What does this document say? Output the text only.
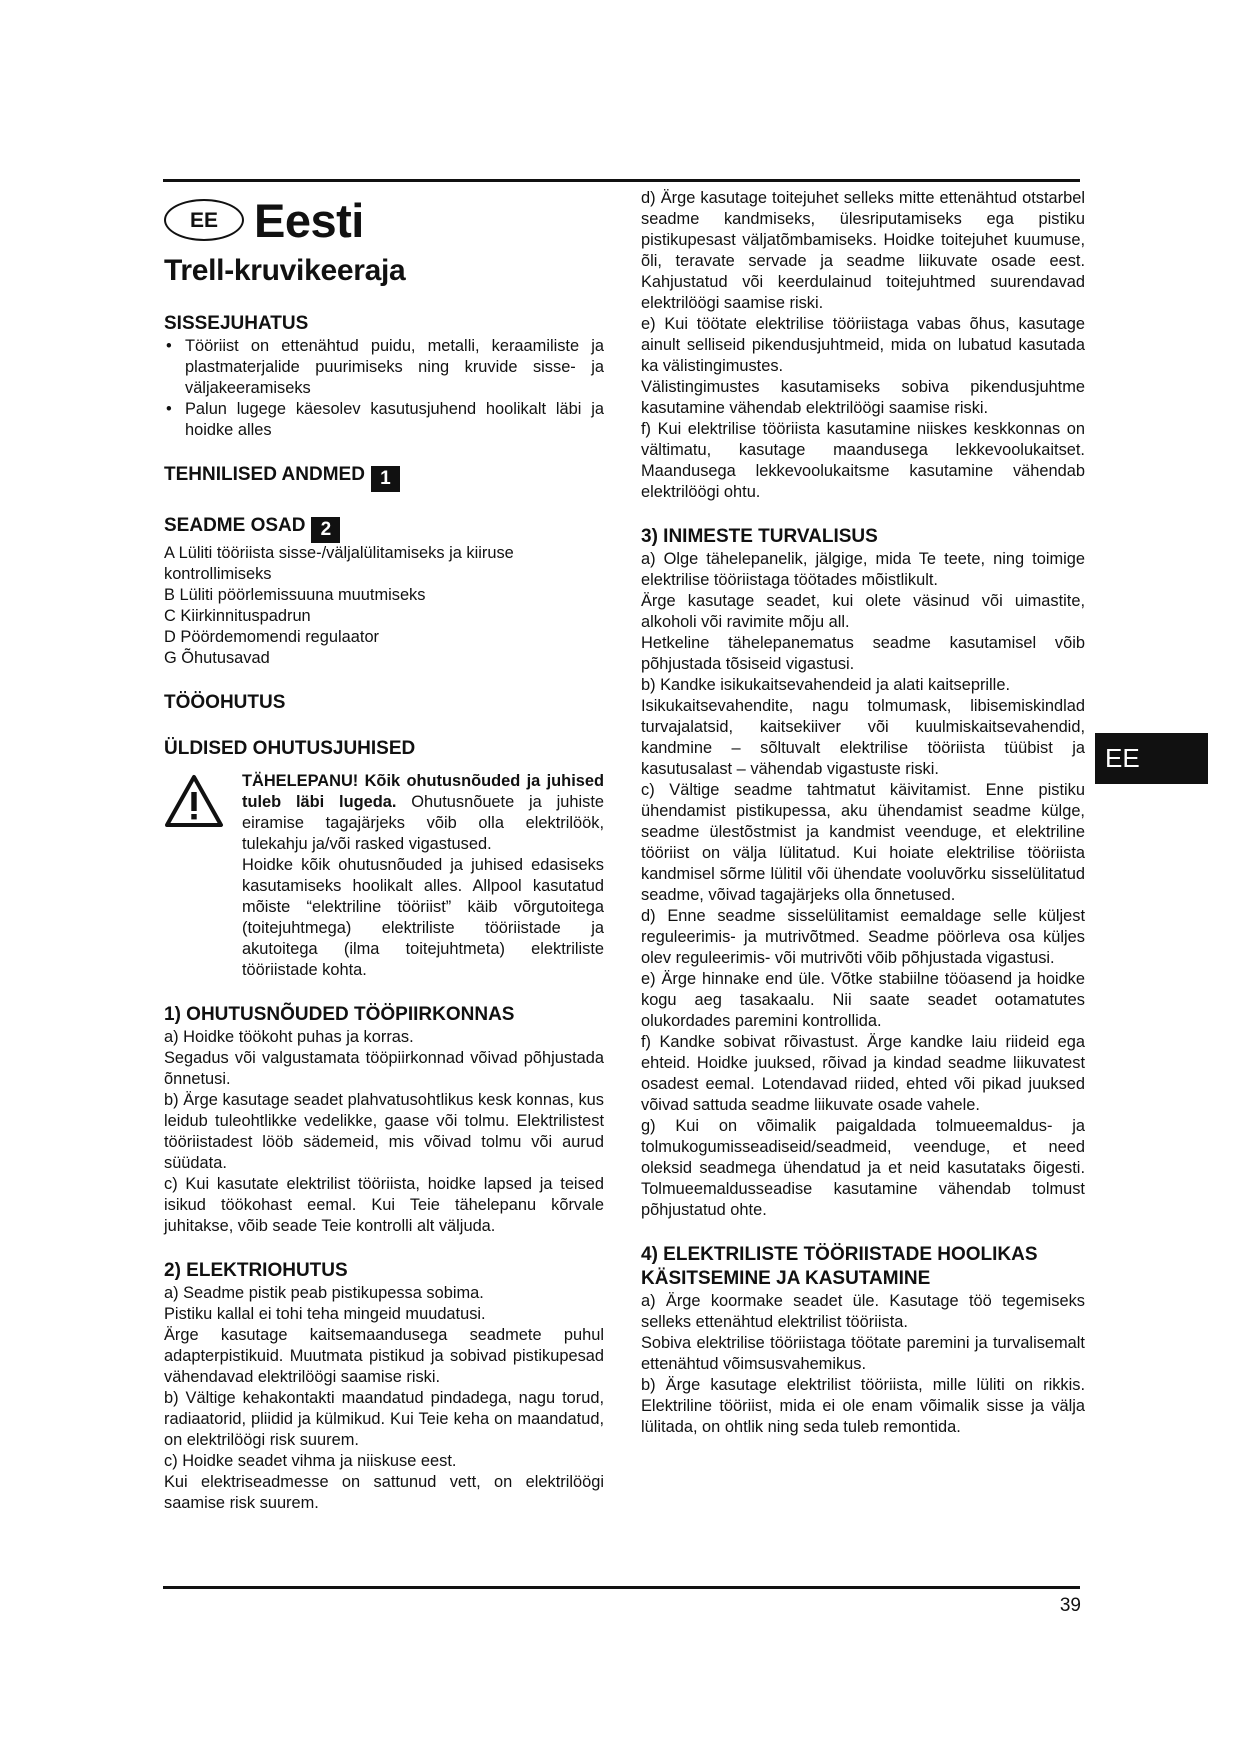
EE Eesti
Trell-kruvikeeraja
SISSEJUHATUS
• Tööriist on ettenähtud puidu, metalli, keraamiliste ja plastmaterjalide puurimiseks ning kruvide sisse- ja väljakeeramiseks
• Palun lugege käesolev kasutusjuhend hoolikalt läbi ja hoidke alles
TEHNILISED ANDMED 1
SEADME OSAD 2

A Lüliti tööriista sisse-/väljalülitamiseks ja kiiruse kontrollimiseks

B Lüliti pöörlemissuuna muutmiseks

C Kiirkinnituspadrun

D Pöördemomendi regulaator

G Õhutusavad

TÖÖOHUTUS
ÜLDISED OHUTUSJUHISED

TÄHELEPANU! Kõik ohutusnõuded ja juhised tuleb läbi lugeda. Ohutusnõuete ja juhiste eiramise tagajärjeks võib olla elektrilöök, tulekahju ja/või rasked vigastused.

Hoidke kõik ohutusnõuded ja juhised edasiseks kasutamiseks hoolikalt alles. Allpool kasutatud mõiste “elektriline tööriist” käib võrgutoitega (toitejuhtmega) elektriliste tööriistade ja akutoitega (ilma toitejuhtmeta) elektriliste tööriistade kohta.

1) OHUTUSNÕUDED TÖÖPIIRKONNAS

a) Hoidke töökoht puhas ja korras.

Segadus või valgustamata tööpiirkonnad võivad põhjustada õnnetusi.

b) Ärge kasutage seadet plahvatusohtlikus kesk konnas, kus leidub tuleohtlikke vedelikke, gaase või tolmu. Elektrilistest tööriistadest lööb sädemeid, mis võivad tolmu või aurud süüdata.

c) Kui kasutate elektrilist tööriista, hoidke lapsed ja teised isikud töökohast eemal. Kui Teie tähelepanu kõrvale juhitakse, võib seade Teie kontrolli alt väljuda.

2) ELEKTRIOHUTUS

a) Seadme pistik peab pistikupessa sobima.

Pistiku kallal ei tohi teha mingeid muudatusi.

Ärge kasutage kaitsemaandusega seadmete puhul adapterpistikuid. Muutmata pistikud ja sobivad pistikupesad vähendavad elektrilöögi saamise riski.

b) Vältige kehakontakti maandatud pindadega, nagu torud, radiaatorid, pliidid ja külmikud. Kui Teie keha on maandatud, on elektrilöögi risk suurem.

c) Hoidke seadet vihma ja niiskuse eest.

Kui elektriseadmesse on sattunud vett, on elektrilöögi saamise risk suurem.

d) Ärge kasutage toitejuhet selleks mitte ettenähtud otstarbel seadme kandmiseks, ülesriputamiseks ega pistiku pistikupesast väljatõmbamiseks. Hoidke toitejuhet kuumuse, õli, teravate servade ja seadme liikuvate osade eest. Kahjustatud või keerdulainud toitejuhtmed suurendavad elektrilöögi saamise riski.

e) Kui töötate elektrilise tööriistaga vabas õhus, kasutage ainult selliseid pikendusjuhtmeid, mida on lubatud kasutada ka välistingimustes.

Välistingimustes kasutamiseks sobiva pikendusjuhtme kasutamine vähendab elektrilöögi saamise riski.

f) Kui elektrilise tööriista kasutamine niiskes keskkonnas on vältimatu, kasutage maandusega lekkevoolukaitset. Maandusega lekkevoolukaitsme kasutamine vähendab elektrilöögi ohtu.

3) INIMESTE TURVALISUS

a) Olge tähelepanelik, jälgige, mida Te teete, ning toimige elektrilise tööriistaga töötades mõistlikult.

Ärge kasutage seadet, kui olete väsinud või uimastite, alkoholi või ravimite mõju all.

Hetkeline tähelepanematus seadme kasutamisel võib põhjustada tõsiseid vigastusi.

b) Kandke isikukaitsevahendeid ja alati kaitseprille.

Isikukaitsevahendite, nagu tolmumask, libisemiskindlad turvajalatsid, kaitsekiiver või kuulmiskaitsevahendid, kandmine – sõltuvalt elektrilise tööriista tüübist ja kasutusalast – vähendab vigastuste riski.

c) Vältige seadme tahtmatut käivitamist. Enne pistiku ühendamist pistikupessa, aku ühendamist seadme külge, seadme ülestõstmist ja kandmist veenduge, et elektriline tööriist on välja lülitatud. Kui hoiate elektrilise tööriista kandmisel sõrme lülitil või ühendate vooluvõrku sisselülitatud seadme, võivad tagajärjeks olla õnnetused.

d) Enne seadme sisselülitamist eemaldage selle küljest reguleerimis- ja mutrivõtmed. Seadme pöörleva osa küljes olev reguleerimis- või mutrivõti võib põhjustada vigastusi.

e) Ärge hinnake end üle. Võtke stabiilne tööasend ja hoidke kogu aeg tasakaalu. Nii saate seadet ootamatutes olukordades paremini kontrollida.

f) Kandke sobivat rõivastust. Ärge kandke laiu riideid ega ehteid. Hoidke juuksed, rõivad ja kindad seadme liikuvatest osadest eemal. Lotendavad riided, ehted või pikad juuksed võivad sattuda seadme liikuvate osade vahele.

g) Kui on võimalik paigaldada tolmueemaldus- ja tolmukogumisseadiseid/seadmeid, veenduge, et need oleksid seadmega ühendatud ja et neid kasutataks õigesti. Tolmueemaldusseadise kasutamine vähendab tolmust põhjustatud ohte.

4) ELEKTRILISTE TÖÖRIISTADE HOOLIKAS KÄSITSEMINE JA KASUTAMINE

a) Ärge koormake seadet üle. Kasutage töö tegemiseks selleks ettenähtud elektrilist tööriista.

Sobiva elektrilise tööriistaga töötate paremini ja turvalisemalt ettenähtud võimsusvahemikus.

b) Ärge kasutage elektrilist tööriista, mille lüliti on rikkis. Elektriline tööriist, mida ei ole enam võimalik sisse ja välja lülitada, on ohtlik ning seda tuleb remontida.

EE
39
